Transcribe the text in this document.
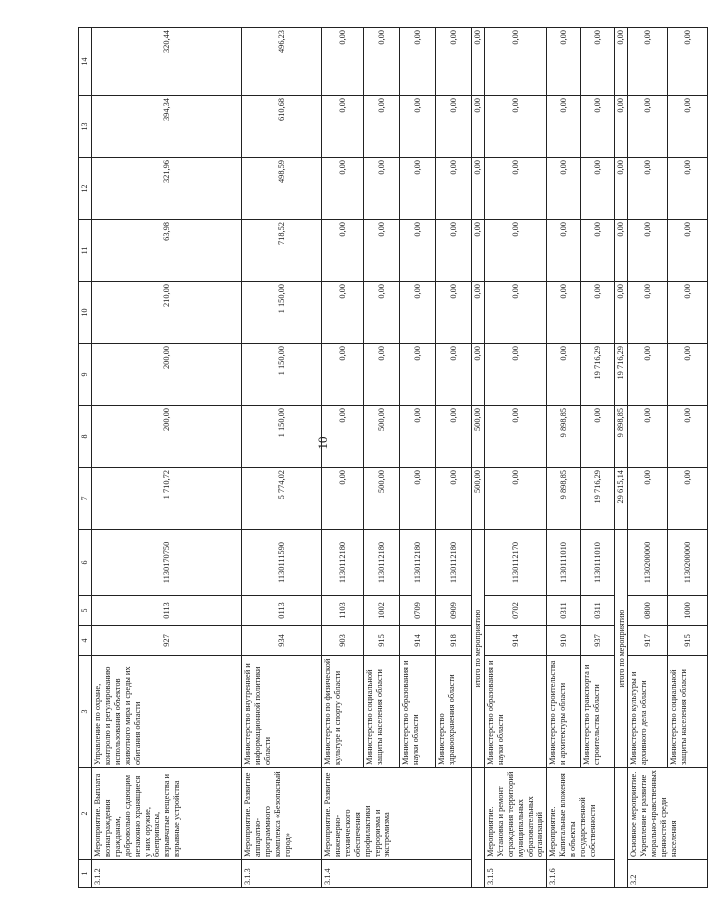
10
1	2	3	4	5	6	7	8	9	10	11	12	13	14
3.1.2	Мероприятие. Выплата вознаграждения гражданам, добровольно сдающим незаконно хранящиеся у них оружие, боеприпасы, взрывчатые вещества и взрывные устройства	Управление по охране, контролю и регулированию использования объектов животного мира и среды их обитания области	927	0113	1130170750	1 710,72	200,00	200,00	210,00	63,98	321,96	394,34	320,44
3.1.3	Мероприятие. Развитие аппаратно-программного комплекса «Безопасный город»	Министерство внутренней и информационной политики области	934	0113	1130111590	5 774,02	1 150,00	1 150,00	1 150,00	718,52	498,59	610,68	496,23
3.1.4	Мероприятие. Развитие инженерно-технического обеспечения профилактики терроризма и экстремизма	Министерство по физической культуре и спорту области	903	1103	1130112180	0,00	0,00	0,00	0,00	0,00	0,00	0,00	0,00
		Министерство социальной защиты населения области	915	1002	1130112180	500,00	500,00	0,00	0,00	0,00	0,00	0,00	0,00
		Министерство образования и науки области	914	0709	1130112180	0,00	0,00	0,00	0,00	0,00	0,00	0,00	0,00
		Министерство здравоохранения области	918	0909	1130112180	0,00	0,00	0,00	0,00	0,00	0,00	0,00	0,00
		итого по мероприятию				500,00	500,00	0,00	0,00	0,00	0,00	0,00	0,00
3.1.5	Мероприятие. Установка и ремонт ограждения территорий муниципальных образовательных организаций	Министерство образования и науки области	914	0702	1130112170	0,00	0,00	0,00	0,00	0,00	0,00	0,00	0,00
3.1.6	Мероприятие. Капитальные вложения в объекты государственной собственности	Министерство строительства и архитектуры области	910	0311	1130111010	9 898,85	9 898,85	0,00	0,00	0,00	0,00	0,00	0,00
		Министерство транспорта и строительства области	937	0311	1130111010	19 716,29	0,00	19 716,29	0,00	0,00	0,00	0,00	0,00
		итого по мероприятию				29 615,14	9 898,85	19 716,29	0,00	0,00	0,00	0,00	0,00
3.2	Основное мероприятие. Укрепление и развитие морально-нравственных ценностей среди населения	Министерство культуры и архивного дела области	917	0800	1130200000	0,00	0,00	0,00	0,00	0,00	0,00	0,00	0,00
		Министерство социальной защиты населения области	915	1000	1130200000	0,00	0,00	0,00	0,00	0,00	0,00	0,00	0,00
